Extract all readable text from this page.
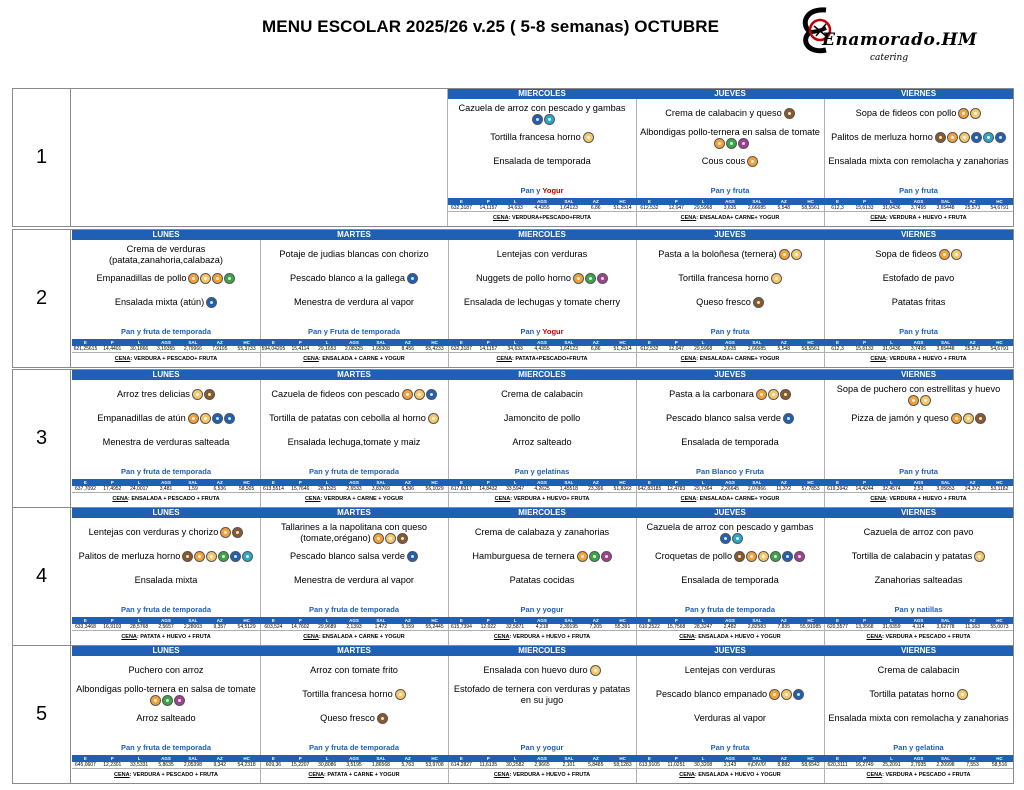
MENU ESCOLAR 2025/26 v.25 ( 5-8 semanas) OCTUBRE
Enamorado.HM
catering
1
MIERCOLES
Cazuela de arroz con pescado y gambas
Tortilla francesa horno
Ensalada de temporada
Pan y Yogur
E	P	L	AGS	SAL	AZ	HC
632,3187	14,1157	34,633	4,4355	1,64123	6,86	51,2514
CENA: VERDURA+PESCADO+FRUTA
JUEVES
Crema de calabacin y queso
Albondigas pollo-ternera en salsa de tomate
Cous cous
Pan y fruta
E	P	L	AGS	SAL	AZ	HC
612,532	12,047	29,5968	3,635	2,66685	5,548	58,5561
CENA: ENSALADA+ CARNE+ YOGUR
VIERNES
Sopa de fideos con pollo
Palitos de merluza horno
Ensalada mixta con remolacha y zanahorias
Pan y fruta
E	P	L	AGS	SAL	AZ	HC
612,3	15,6133	31,0436	3,7495	3,65448	25,573	54,6791
CENA: VERDURA + HUEVO + FRUTA
2
LUNES
Crema de verduras (patata,zanahoria,calabaza)
Empanadillas de pollo
Ensalada mixta (atún)
Pan y fruta de temporada
E	P	L	AGS	SAL	AZ	HC
621,25615	14,4401	30,1866	3,19355	2,79966	7,9105	55,3733
CENA: VERDURA + PESCADO+ FRUTA
MARTES
Potaje de judias blancas con chorizo
Pescado blanco a la gallega
Menestra de verdura al vapor
Pan y Fruta de temporada
E	P	L	AGS	SAL	AZ	HC
594,04205	15,4114	29,1653	2,08325	1,65308	8,456	55,4233
CENA: ENSALADA + CARNE + YOGUR
MIERCOLES
Lentejas con verduras
Nuggets de pollo horno
Ensalada de lechugas y tomate cherry
Pan y Yogur
E	P	L	AGS	SAL	AZ	HC
632,3187	14,1157	34,633	4,4355	1,64123	6,86	51,2514
CENA: PATATA+PESCADO+FRUTA
JUEVES
Pasta a la boloñesa (ternera)
Tortilla francesa horno
Queso fresco
Pan y fruta
E	P	L	AGS	SAL	AZ	HC
612,532	12,047	29,5968	3,635	2,66685	5,548	58,5561
CENA: ENSALADA+ CARNE+ YOGUR
VIERNES
Sopa de fideos
Estofado de pavo
Patatas fritas
Pan y fruta
E	P	L	AGS	SAL	AZ	HC
612,3	15,6133	31,0436	3,7495	3,65448	25,573	54,6791
CENA: VERDURA + HUEVO + FRUTA
3
LUNES
Arroz tres delicias
Empanadillas de atún
Menestra de verduras salteada
Pan y fruta de temporada
E	P	L	AGS	SAL	AZ	HC
637,7092	17,4952	24,0017	3,481	1,59	6,536	58,505
CENA: ENSALADA + PESCADO + FRUTA
MARTES
Cazuela de fideos con pescado
Tortilla de patatas con cebolla al horno
Ensalada lechuga,tomate y maiz
Pan y fruta de temporada
E	P	L	AGS	SAL	AZ	HC
613,5514	15,7646	28,1325	2,6533	3,83769	6,536	56,1029
CENA: VERDURA + CARNE + YOGUR
MIERCOLES
Crema de calabacin
Jamoncito de pollo
Arroz salteado
Pan y gelatinas
E	P	L	AGS	SAL	AZ	HC
617,6317	14,8432	33,5947	4,2625	1,45518	23,396	51,8322
CENA: VERDURA + HUEVO+ FRUTA
JUEVES
Pasta a la carbonara
Pescado blanco salsa verde
Ensalada de temporada
Pan Blanco y Fruta
E	P	L	AGS	SAL	AZ	HC
642,83185	12,4783	29,7364	2,26645	2,07866	11,372	57,7853
CENA: ENSALADA+ CARNE+ YOGUR
VIERNES
Sopa de puchero con estrellitas y huevo
Pizza de jamón y queso
Pan y fruta
E	P	L	AGS	SAL	AZ	HC
619,3942	14,4244	32,4574	2,53	3,05653	24,372	53,1182
CENA: VERDURA + HUEVO + FRUTA
4
LUNES
Lentejas con verduras y chorizo
Palitos de merluza horno
Ensalada mixta
Pan y fruta de temporada
E	P	L	AGS	SAL	AZ	HC
633,3468	16,9103	28,5768	2,5657	2,28003	9,357	54,5129
CENA: PATATA + HUEVO + FRUTA
MARTES
Tallarines a la napolitana con queso (tomate,orégano)
Pescado blanco salsa verde
Menestra de verdura al vapor
Pan y fruta de temporada
E	P	L	AGS	SAL	AZ	HC
603,524	14,7602	29,9689	2,1393	1,472	5,159	55,2445
CENA: ENSALADA + CARNE + YOGUR
MIERCOLES
Crema de calabaza y zanahorias
Hamburguesa de ternera
Patatas cocidas
Pan y yogur
E	P	L	AGS	SAL	AZ	HC
615,7394	12,022	32,5871	4,218	2,39195	7,205	55,391
CENA: VERDURA + HUEVO + FRUTA
JUEVES
Cazuela de arroz con pescado y gambas
Croquetas de pollo
Ensalada de temporada
Pan y fruta de temporada
E	P	L	AGS	SAL	AZ	HC
610,2522	15,7568	28,3247	2,482	2,82583	7,835	55,91085
CENA: ENSALADA + HUEVO + YOGUR
VIERNES
Cazuela de arroz con pavo
Tortilla de calabacin y patatas
Zanahorias salteadas
Pan y natillas
E	P	L	AGS	SAL	AZ	HC
620,3577	13,3568	31,6359	4,114	3,62778	11,163	55,0073
CENA: VERDURA + PESCADO + FRUTA
5
LUNES
Puchero con arroz
Albondigas pollo-ternera en salsa de tomate
Arroz salteado
Pan y fruta de temporada
E	P	L	AGS	SAL	AZ	HC
645,0607	12,2301	33,5331	5,8635	2,05398	9,342	54,2318
CENA: VERDURA + PESCADO + FRUTA
MARTES
Arroz con tomate frito
Tortilla francesa horno
Queso fresco
Pan y fruta de temporada
E	P	L	AGS	SAL	AZ	HC
609,36	15,2207	30,8086	3,5195	1,86568	5,763	53,9708
CENA: PATATA + CARNE + YOGUR
MIERCOLES
Ensalada con huevo duro
Estofado de ternera con verduras y patatas en su jugo
Pan y yogur
E	P	L	AGS	SAL	AZ	HC
614,2827	11,6135	30,2582	2,9665	2,101	5,8485	58,1283
CENA: VERDURA + HUEVO + FRUTA
JUEVES
Lentejas con verduras
Pescado blanco empanado
Verduras al vapor
Pan y fruta
E	P	L	AGS	SAL	AZ	HC
613,9105	11,0251	30,3208	3,143	#¡DIV/0!	8,882	58,6542
CENA: ENSALADA + HUEVO + YOGUR
VIERNES
Crema de calabacin
Tortilla patatas horno
Ensalada mixta con remolacha y zanahorias
Pan y gelatina
E	P	L	AGS	SAL	AZ	HC
620,3111	16,2749	25,2091	2,7935	2,20998	7,553	58,516
CENA: VERDURA + PESCADO + FRUTA
